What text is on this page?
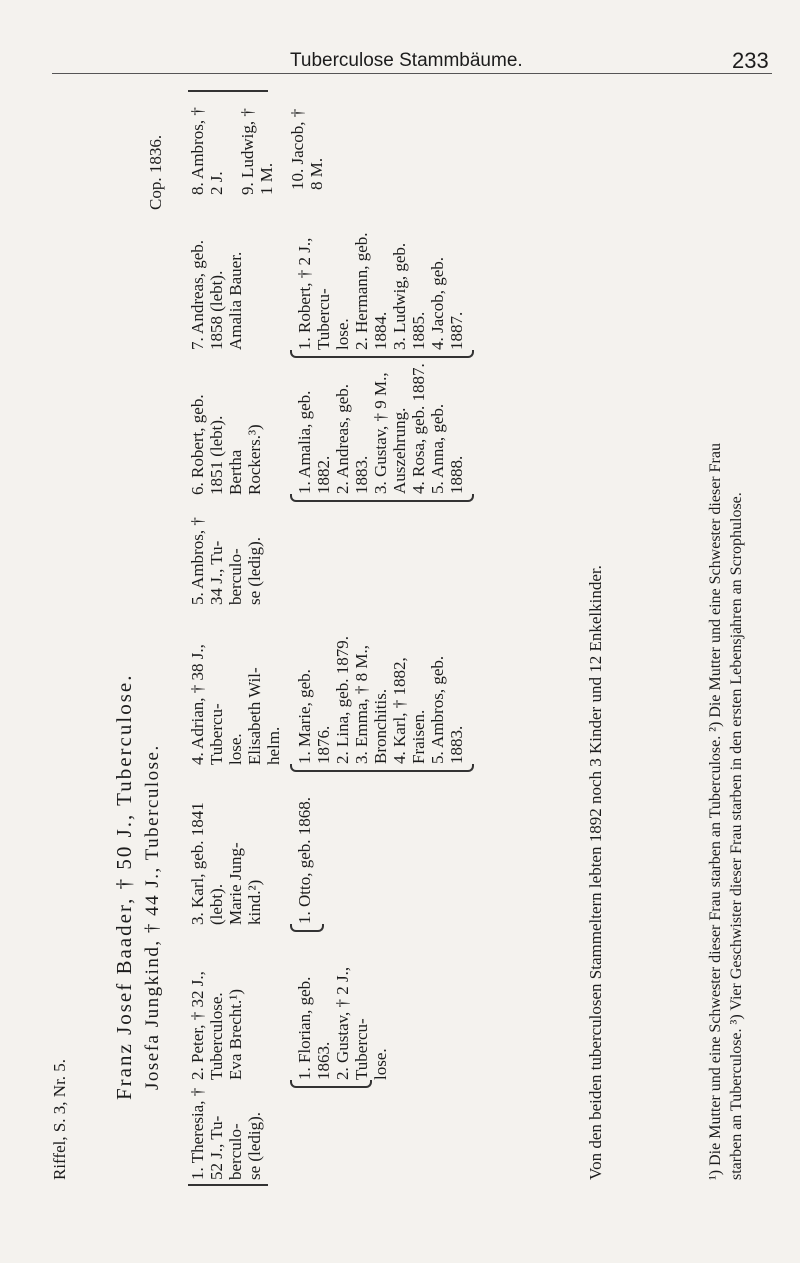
Tuberculose Stammbäume.	233
Riffel, S. 3, Nr. 5.
Franz Josef Baader, † 50 J., Tuberculose. Josefa Jungkind, † 44 J., Tuberculose.
Cop. 1836.
1. Theresia, † 52 J., Tu- berculo- se (ledig).
2. Peter, † 32 J., Tuberculose. Eva Brecht.¹)
3. Karl, geb. 1841 (lebt). Marie Jung- kind.²)
4. Adrian, † 38 J., Tubercu- lose. Elisabeth Wil- helm.
5. Ambros, † 34 J., Tu- berculo- se (ledig).
6. Robert, geb. 1851 (lebt). Bertha Rockers.³)
7. Andreas, geb. 1858 (lebt). Amalia Bauer.
8. Ambros, † 2 J. 9. Ludwig, † 1 M. 10. Jacob, † 8 M.
1. Florian, geb. 1863. 2. Gustav, † 2 J., Tubercu- lose.
1. Otto, geb. 1868.
1. Marie, geb. 1876. 2. Lina, geb. 1879. 3. Emma, † 8 M., Bronchitis. 4. Karl, † 1882, Fraisen. 5. Ambros, geb. 1883.
1. Amalia, geb. 1882. 2. Andreas, geb. 1883. 3. Gustav, † 9 M., Auszehrung. 4. Rosa, geb. 1887. 5. Anna, geb. 1888.
1. Robert, † 2 J., Tubercu- lose. 2. Hermann, geb. 1884. 3. Ludwig, geb. 1885. 4. Jacob, geb. 1887.
Von den beiden tuberculosen Stammeltern lebten 1892 noch 3 Kinder und 12 Enkelkinder.	¹) Die Mutter und eine Schwester dieser Frau starben an Tuberculose. ²) Die Mutter und eine Schwester dieser Frau starben an Tuberculose. ³) Vier Geschwister dieser Frau starben in den ersten Lebensjahren an Scrophulose.
